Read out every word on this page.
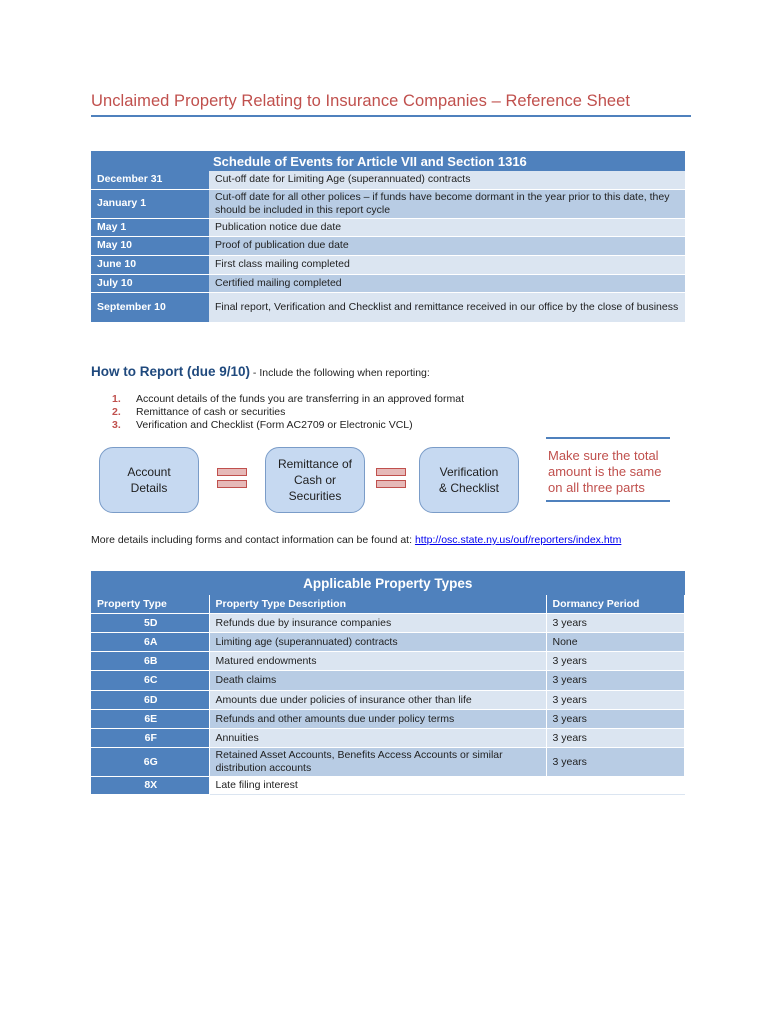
Unclaimed Property Relating to Insurance Companies – Reference Sheet
	Schedule of Events for Article VII and Section 1316
December 31	Cut-off date for Limiting Age (superannuated) contracts
January 1	Cut-off date for all other polices – if funds have become dormant in the year prior to this date, they should be included in this report cycle
May 1	Publication notice due date
May 10	Proof of publication due date
June 10	First class mailing completed
July 10	Certified mailing completed
September 10	Final report, Verification and Checklist and remittance received in our office by the close of business
How to Report (due 9/10) - Include the following when reporting:
1. Account details of the funds you are transferring in an approved format
2. Remittance of cash or securities
3. Verification and Checklist (Form AC2709 or Electronic VCL)
Account Details
Remittance of Cash or Securities
Verification & Checklist
Make sure the total amount is the same on all three parts
More details including forms and contact information can be found at: http://osc.state.ny.us/ouf/reporters/index.htm
Applicable Property Types		
Property Type	Property Type Description	Dormancy Period
5D	Refunds due by insurance companies	3 years
6A	Limiting age (superannuated) contracts	None
6B	Matured endowments	3 years
6C	Death claims	3 years
6D	Amounts due under policies of insurance other than life	3 years
6E	Refunds and other amounts due under policy terms	3 years
6F	Annuities	3 years
6G	Retained Asset Accounts, Benefits Access Accounts or similar distribution accounts	3 years
8X	Late filing interest	
